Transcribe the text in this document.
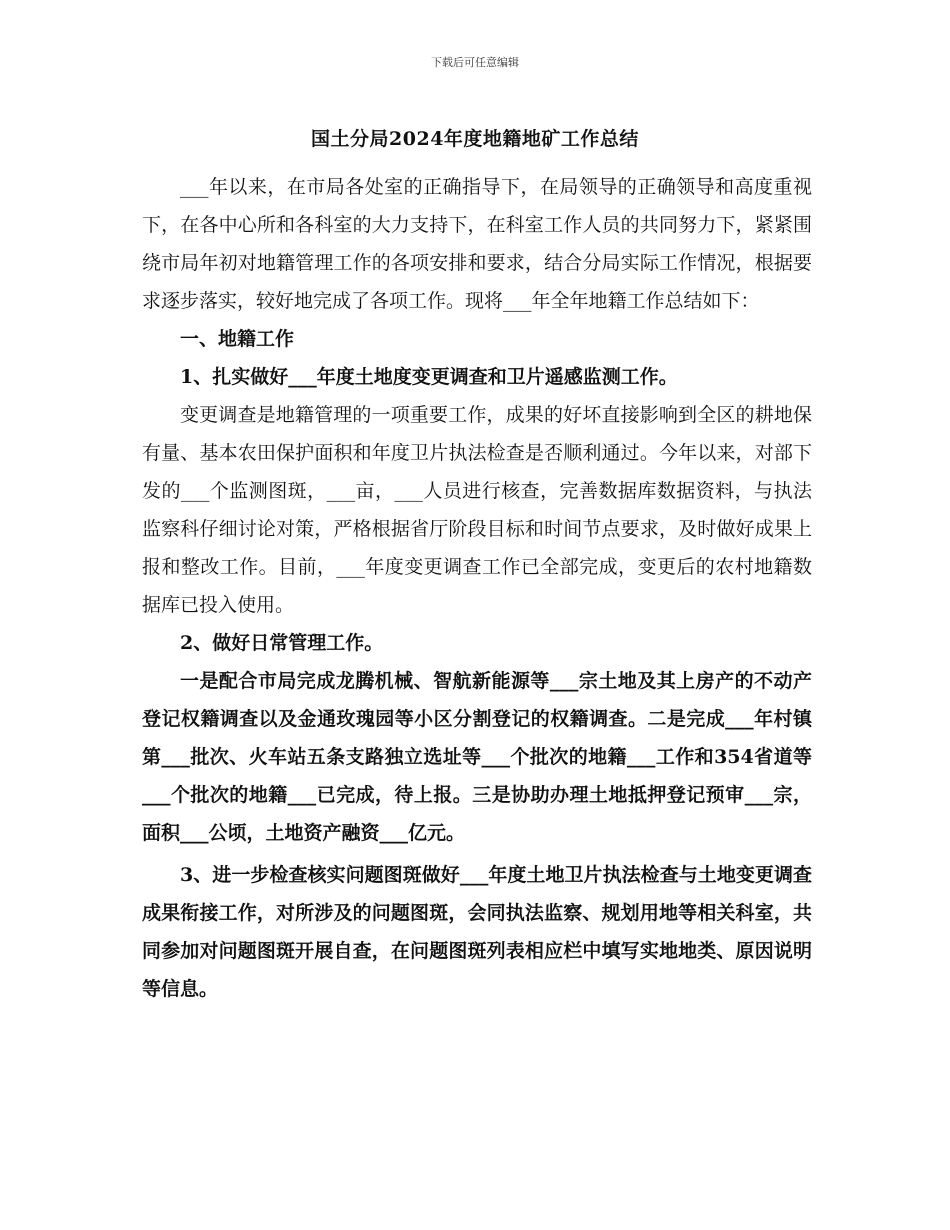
下载后可任意编辑
国土分局2024年度地籍地矿工作总结

___年以来，在市局各处室的正确指导下，在局领导的正确领导和高度重视下，在各中心所和各科室的大力支持下，在科室工作人员的共同努力下，紧紧围绕市局年初对地籍管理工作的各项安排和要求，结合分局实际工作情况，根据要求逐步落实，较好地完成了各项工作。现将___年全年地籍工作总结如下：

一、地籍工作

1、扎实做好___年度土地度变更调查和卫片遥感监测工作。

变更调查是地籍管理的一项重要工作，成果的好坏直接影响到全区的耕地保有量、基本农田保护面积和年度卫片执法检查是否顺利通过。今年以来，对部下发的___个监测图斑，___亩，___人员进行核查，完善数据库数据资料，与执法监察科仔细讨论对策，严格根据省厅阶段目标和时间节点要求，及时做好成果上报和整改工作。目前，___年度变更调查工作已全部完成，变更后的农村地籍数据库已投入使用。

2、做好日常管理工作。

一是配合市局完成龙腾机械、智航新能源等___宗土地及其上房产的不动产登记权籍调查以及金通玫瑰园等小区分割登记的权籍调查。二是完成___年村镇第___批次、火车站五条支路独立选址等___个批次的地籍___工作和354省道等___个批次的地籍___已完成，待上报。三是协助办理土地抵押登记预审___宗，面积___公顷，土地资产融资___亿元。

3、进一步检查核实问题图斑做好___年度土地卫片执法检查与土地变更调查成果衔接工作，对所涉及的问题图斑，会同执法监察、规划用地等相关科室，共同参加对问题图斑开展自查，在问题图斑列表相应栏中填写实地地类、原因说明等信息。
